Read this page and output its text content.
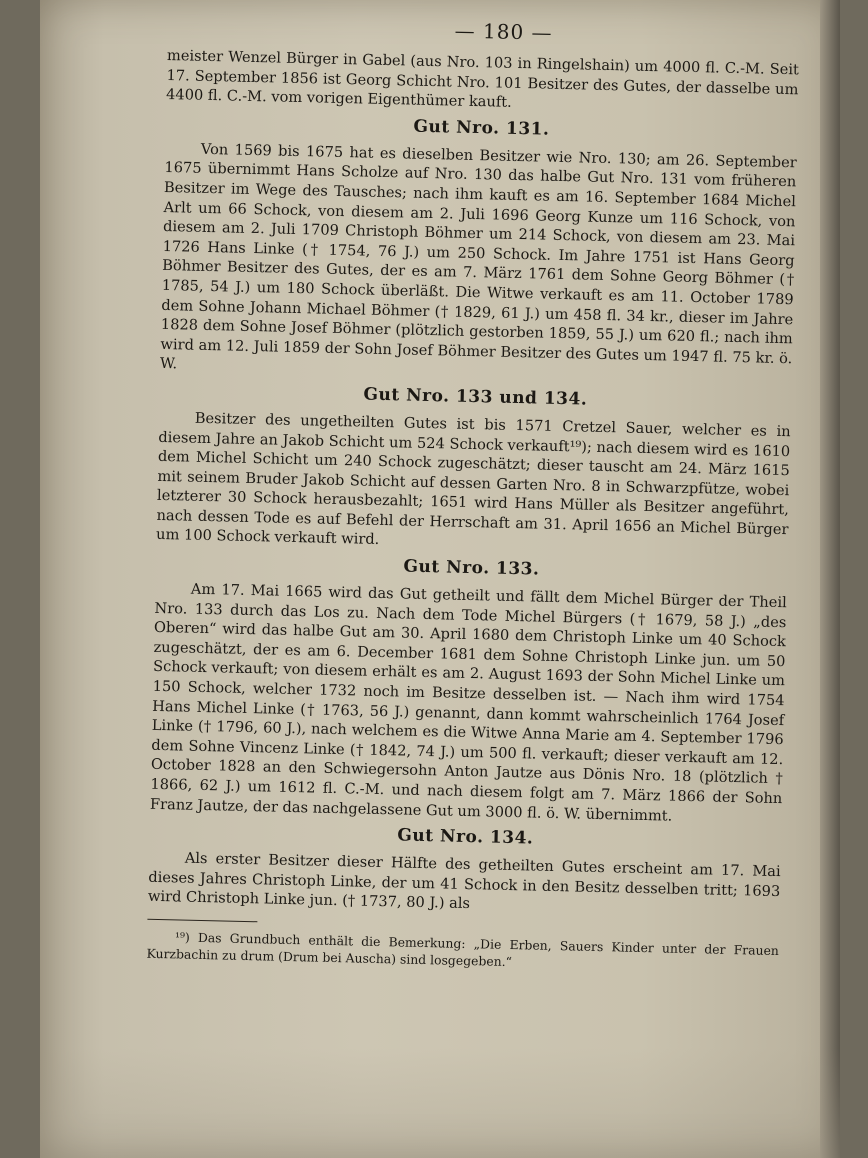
— 180 —

meister Wenzel Bürger in Gabel (aus Nro. 103 in Ringelshain) um 4000 fl. C.-M. Seit 17. September 1856 ist Georg Schicht Nro. 101 Besitzer des Gutes, der dasselbe um 4400 fl. C.-M. vom vorigen Eigenthümer kauft.

Gut Nro. 131.

Von 1569 bis 1675 hat es dieselben Besitzer wie Nro. 130; am 26. September 1675 übernimmt Hans Scholze auf Nro. 130 das halbe Gut Nro. 131 vom früheren Besitzer im Wege des Tausches; nach ihm kauft es am 16. September 1684 Michel Arlt um 66 Schock, von diesem am 2. Juli 1696 Georg Kunze um 116 Schock, von diesem am 2. Juli 1709 Christoph Böhmer um 214 Schock, von diesem am 23. Mai 1726 Hans Linke († 1754, 76 J.) um 250 Schock. Im Jahre 1751 ist Hans Georg Böhmer Besitzer des Gutes, der es am 7. März 1761 dem Sohne Georg Böhmer († 1785, 54 J.) um 180 Schock überläßt. Die Witwe verkauft es am 11. October 1789 dem Sohne Johann Michael Böhmer († 1829, 61 J.) um 458 fl. 34 kr., dieser im Jahre 1828 dem Sohne Josef Böhmer (plötzlich gestorben 1859, 55 J.) um 620 fl.; nach ihm wird am 12. Juli 1859 der Sohn Josef Böhmer Besitzer des Gutes um 1947 fl. 75 kr. ö. W.

Gut Nro. 133 und 134.

Besitzer des ungetheilten Gutes ist bis 1571 Cretzel Sauer, welcher es in diesem Jahre an Jakob Schicht um 524 Schock verkauft¹⁹); nach diesem wird es 1610 dem Michel Schicht um 240 Schock zugeschätzt; dieser tauscht am 24. März 1615 mit seinem Bruder Jakob Schicht auf dessen Garten Nro. 8 in Schwarzpfütze, wobei letzterer 30 Schock herausbezahlt; 1651 wird Hans Müller als Besitzer angeführt, nach dessen Tode es auf Befehl der Herrschaft am 31. April 1656 an Michel Bürger um 100 Schock verkauft wird.

Gut Nro. 133.

Am 17. Mai 1665 wird das Gut getheilt und fällt dem Michel Bürger der Theil Nro. 133 durch das Los zu. Nach dem Tode Michel Bürgers († 1679, 58 J.) „des Oberen“ wird das halbe Gut am 30. April 1680 dem Christoph Linke um 40 Schock zugeschätzt, der es am 6. December 1681 dem Sohne Christoph Linke jun. um 50 Schock verkauft; von diesem erhält es am 2. August 1693 der Sohn Michel Linke um 150 Schock, welcher 1732 noch im Besitze desselben ist. — Nach ihm wird 1754 Hans Michel Linke († 1763, 56 J.) genannt, dann kommt wahrscheinlich 1764 Josef Linke († 1796, 60 J.), nach welchem es die Witwe Anna Marie am 4. September 1796 dem Sohne Vincenz Linke († 1842, 74 J.) um 500 fl. verkauft; dieser verkauft am 12. October 1828 an den Schwiegersohn Anton Jautze aus Dönis Nro. 18 (plötzlich † 1866, 62 J.) um 1612 fl. C.-M. und nach diesem folgt am 7. März 1866 der Sohn Franz Jautze, der das nachgelassene Gut um 3000 fl. ö. W. übernimmt.

Gut Nro. 134.

Als erster Besitzer dieser Hälfte des getheilten Gutes erscheint am 17. Mai dieses Jahres Christoph Linke, der um 41 Schock in den Besitz desselben tritt; 1693 wird Christoph Linke jun. († 1737, 80 J.) als

¹⁹) Das Grundbuch enthält die Bemerkung: „Die Erben, Sauers Kinder unter der Frauen Kurzbachin zu drum (Drum bei Auscha) sind losgegeben.“
